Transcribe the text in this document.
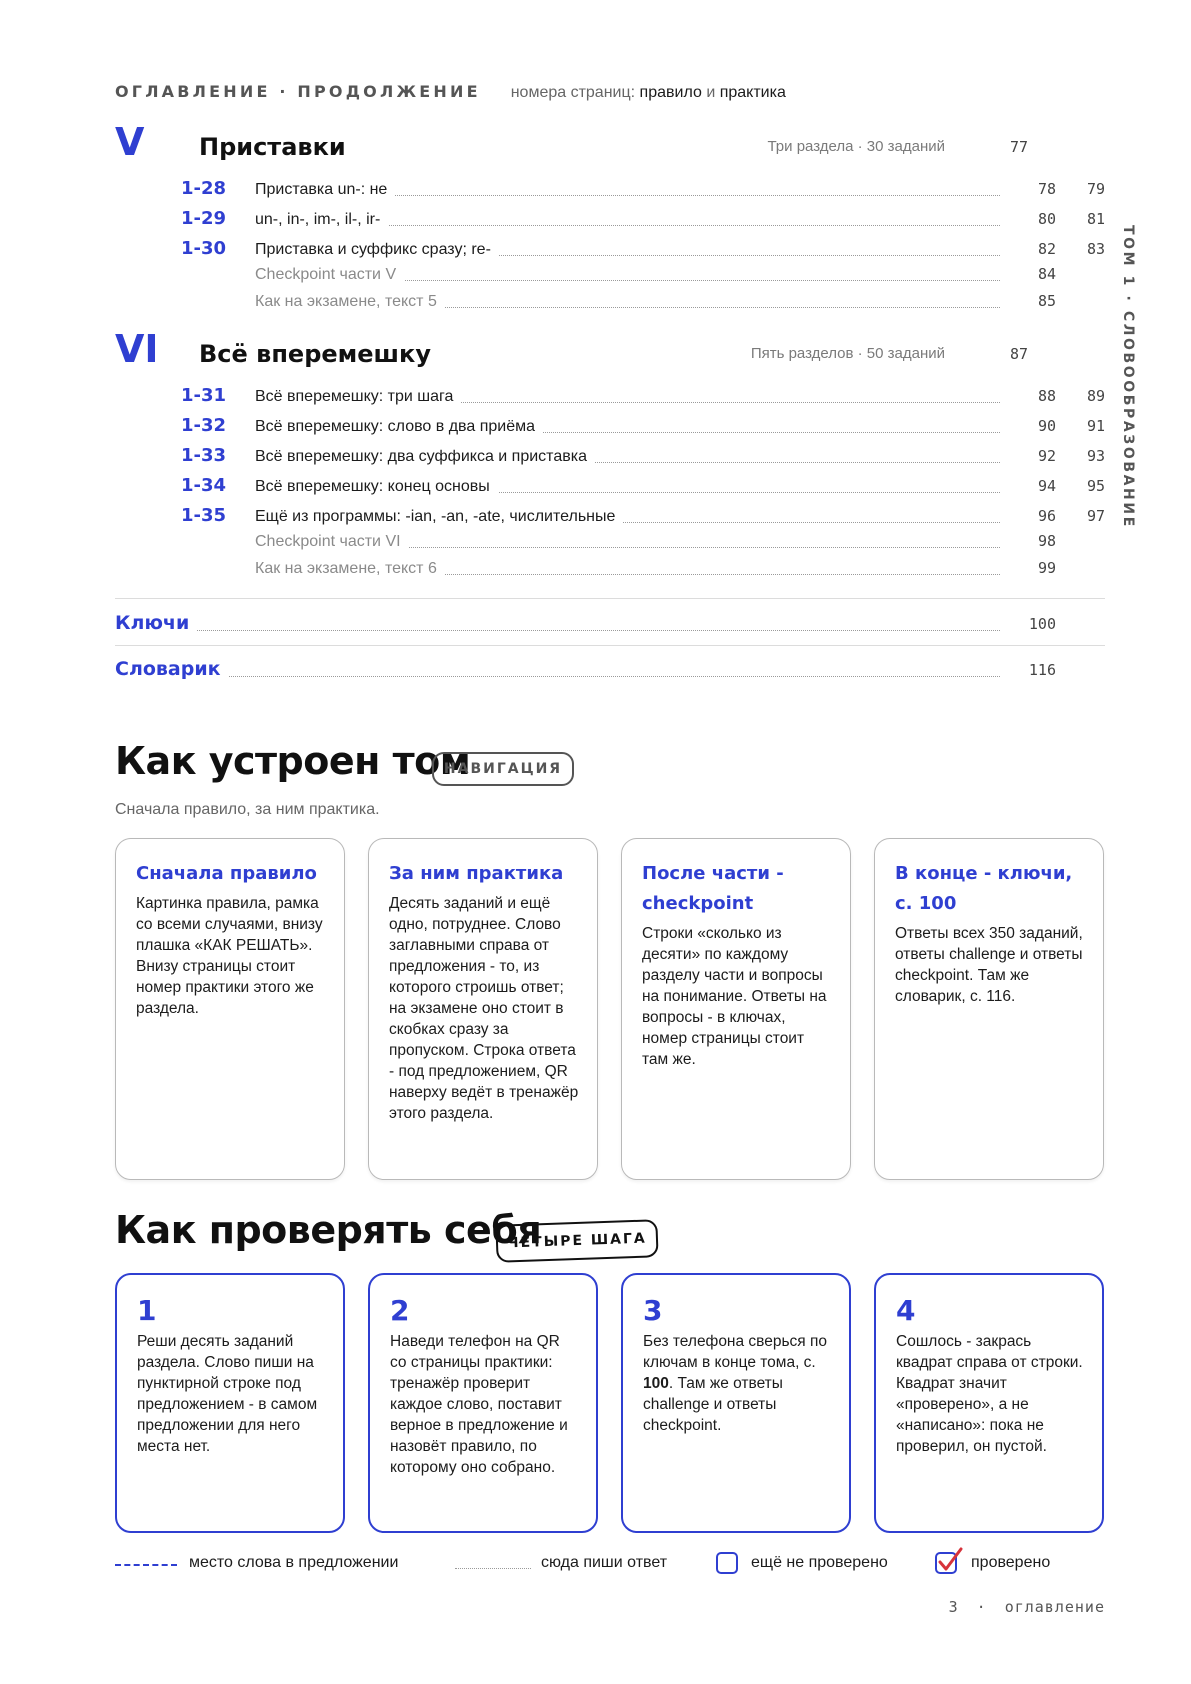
ОГЛАВЛЕНИЕ · ПРОДОЛЖЕНИЕ номера страниц: правило и практика
ТОМ 1 · СЛОВООБРАЗОВАНИЕ
V Приставки	Три раздела · 30 заданий	77
1-28 Приставка un-: не	78	79
1-29 un-, in-, im-, il-, ir-	80	81
1-30 Приставка и суффикс сразу; re-	82	83
Checkpoint части V	84
Как на экзамене, текст 5	85
VI Всё вперемешку	Пять разделов · 50 заданий	87
1-31 Всё вперемешку: три шага	88	89
1-32 Всё вперемешку: слово в два приёма	90	91
1-33 Всё вперемешку: два суффикса и приставка	92	93
1-34 Всё вперемешку: конец основы	94	95
1-35 Ещё из программы: -ian, -an, -ate, числительные	96	97
Checkpoint части VI	98
Как на экзамене, текст 6	99
Ключи	100
Словарик	116
Как устроен том
НАВИГАЦИЯ
Сначала правило, за ним практика.
Сначала правило
Картинка правила, рамка со всеми случаями, внизу плашка «КАК РЕШАТЬ». Внизу страницы стоит номер практики этого же раздела.
За ним практика
Десять заданий и ещё одно, потруднее. Слово заглавными справа от предложения - то, из которого строишь ответ; на экзамене оно стоит в скобках сразу за пропуском. Строка ответа - под предложением, QR наверху ведёт в тренажёр этого раздела.
После части - checkpoint
Строки «сколько из десяти» по каждому разделу части и вопросы на понимание. Ответы на вопросы - в ключах, номер страницы стоит там же.
В конце - ключи, с. 100
Ответы всех 350 заданий, ответы challenge и ответы checkpoint. Там же словарик, с. 116.
Как проверять себя
ЧЕТЫРЕ ШАГА
1
Реши десять заданий раздела. Слово пиши на пунктирной строке под предложением - в самом предложении для него места нет.
2
Наведи телефон на QR со страницы практики: тренажёр проверит каждое слово, поставит верное в предложение и назовёт правило, по которому оно собрано.
3
Без телефона сверься по ключам в конце тома, с. 100. Там же ответы challenge и ответы checkpoint.
4
Сошлось - закрась квадрат справа от строки. Квадрат значит «проверено», а не «написано»: пока не проверил, он пустой.
место слова в предложении	сюда пиши ответ	ещё не проверено	проверено
3 · оглавление
